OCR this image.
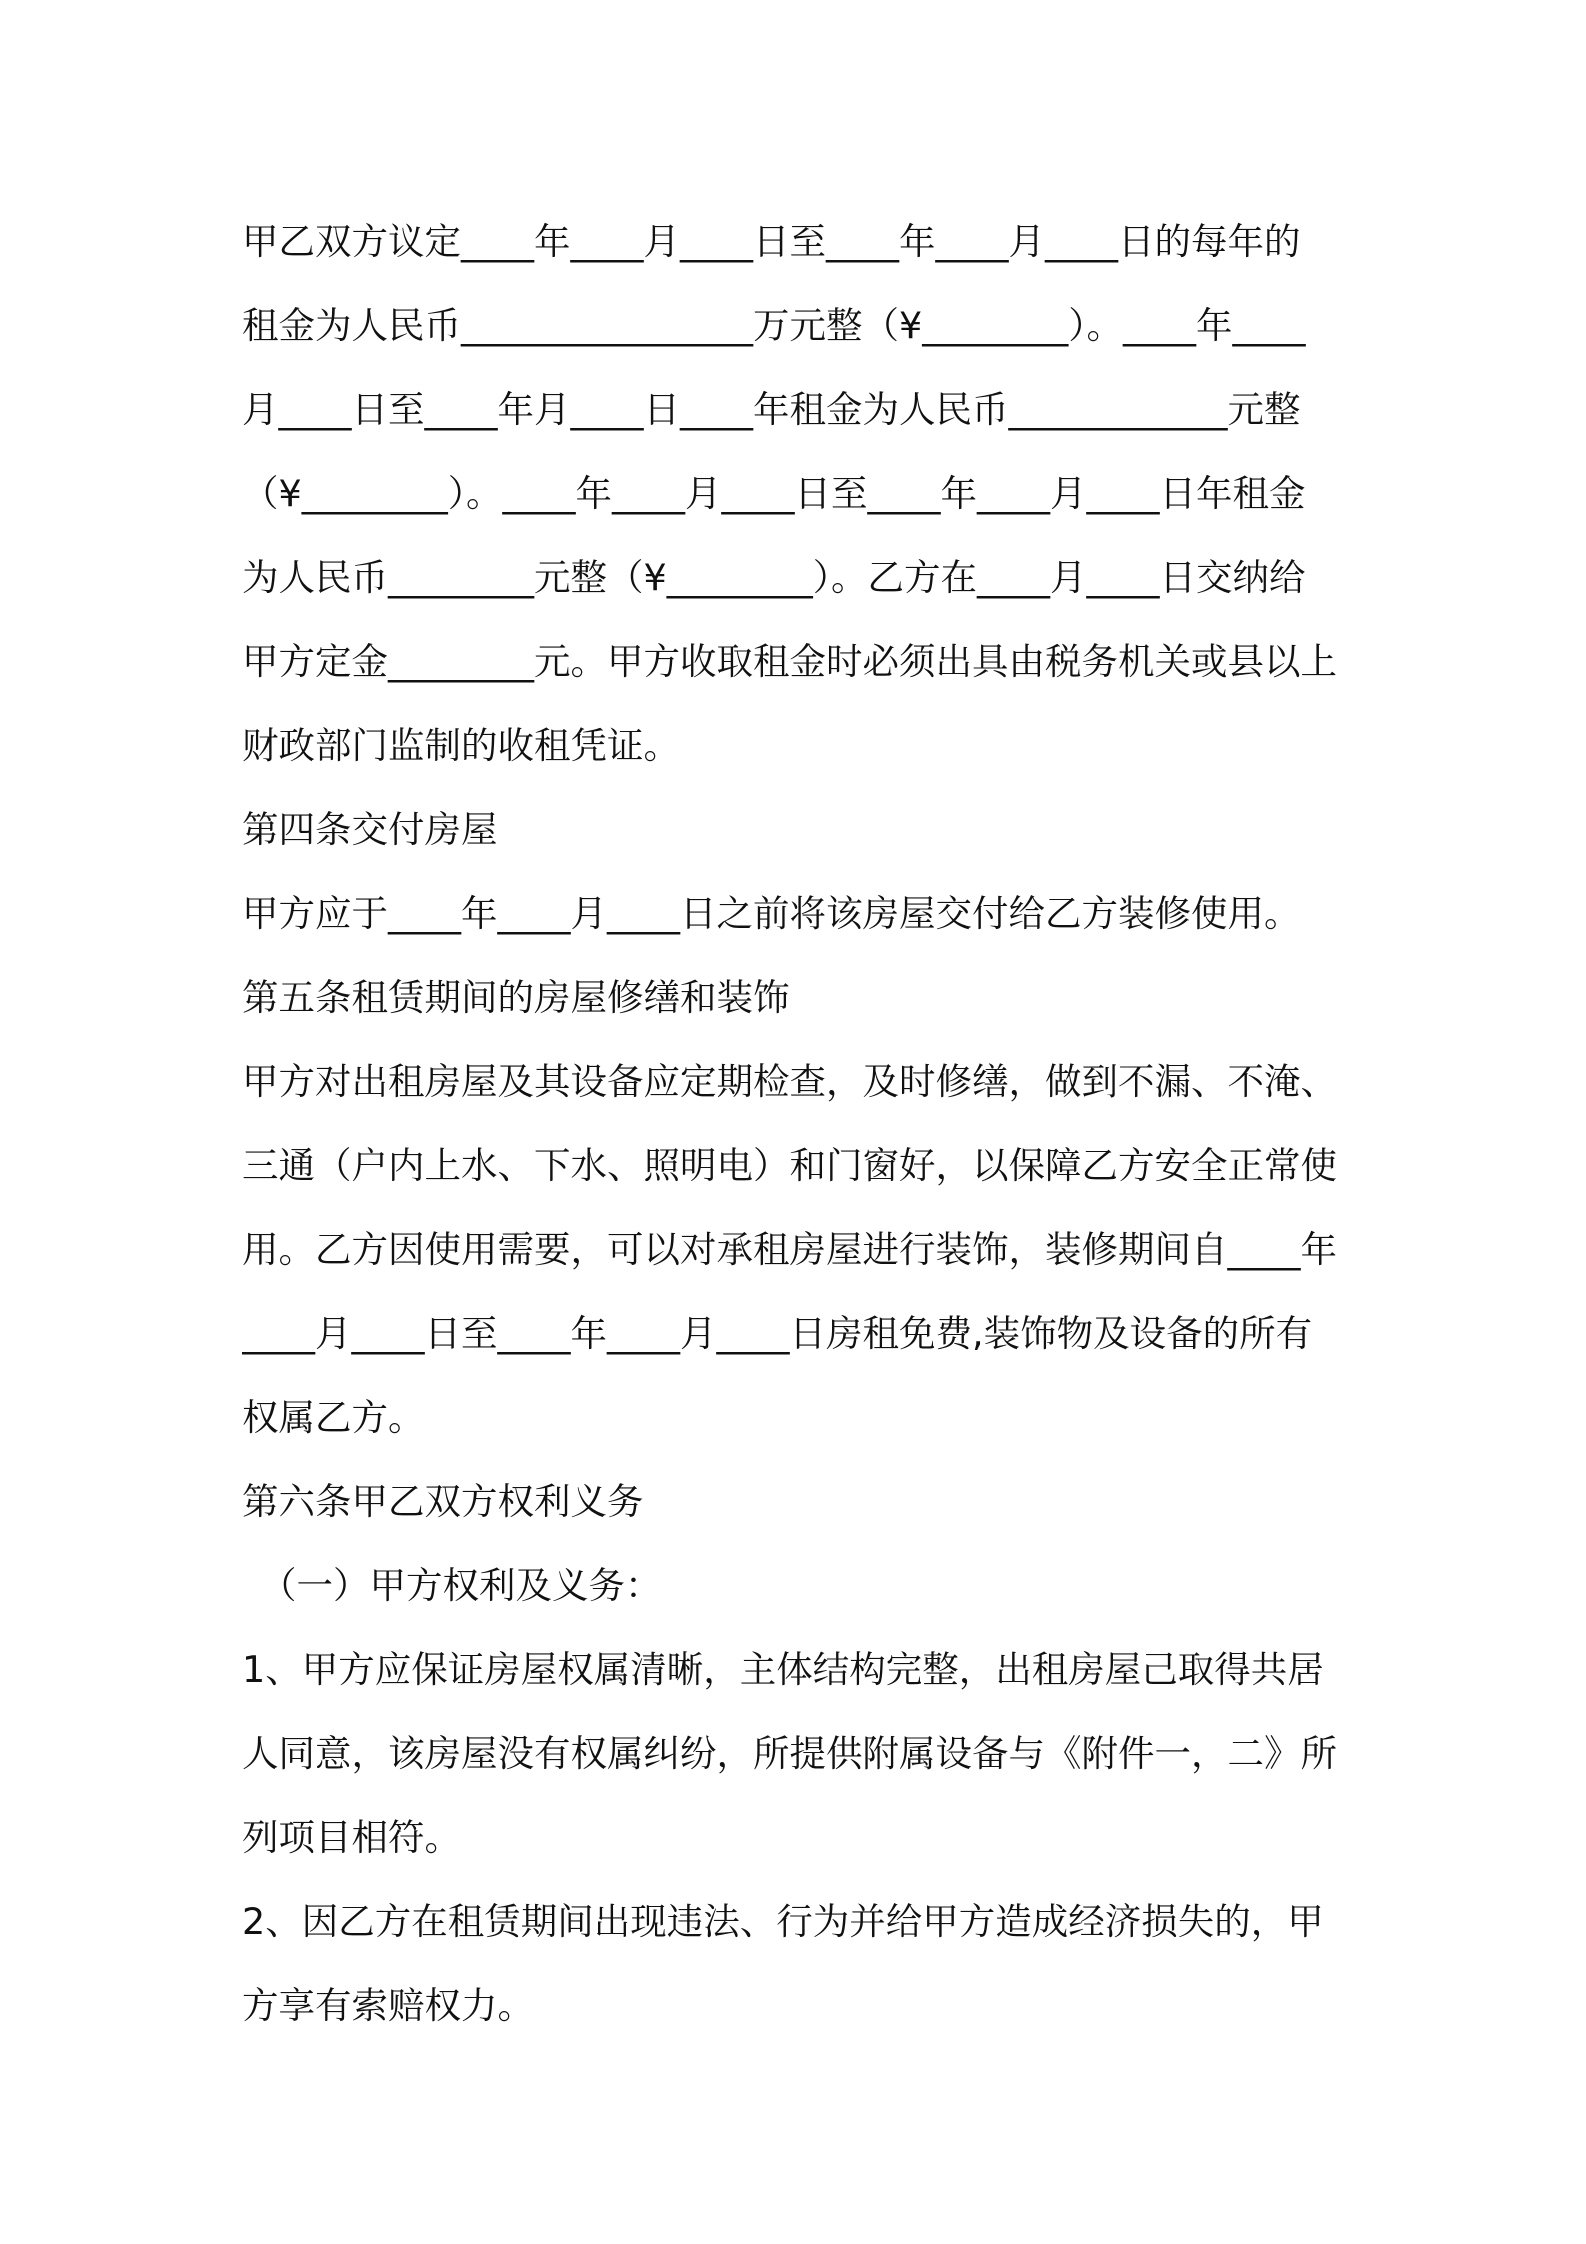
甲乙双方议定____年____月____日至____年____月____日的每年的
租金为人民币________________万元整（¥________）。____年____
月____日至____年月____日____年租金为人民币____________元整
（¥________）。____年____月____日至____年____月____日年租金
为人民币________元整（¥________）。乙方在____月____日交纳给
甲方定金________元。甲方收取租金时必须出具由税务机关或县以上
财政部门监制的收租凭证。
第四条交付房屋
甲方应于____年____月____日之前将该房屋交付给乙方装修使用。
第五条租赁期间的房屋修缮和装饰
甲方对出租房屋及其设备应定期检查，及时修缮，做到不漏、不淹、
三通（户内上水、下水、照明电）和门窗好，以保障乙方安全正常使
用。乙方因使用需要，可以对承租房屋进行装饰，装修期间自____年
____月____日至____年____月____日房租免费,装饰物及设备的所有
权属乙方。
第六条甲乙双方权利义务
（一）甲方权利及义务：
1、甲方应保证房屋权属清晰，主体结构完整，出租房屋己取得共居
人同意，该房屋没有权属纠纷，所提供附属设备与《附件一，二》所
列项目相符。
2、因乙方在租赁期间出现违法、行为并给甲方造成经济损失的，甲
方享有索赔权力。
